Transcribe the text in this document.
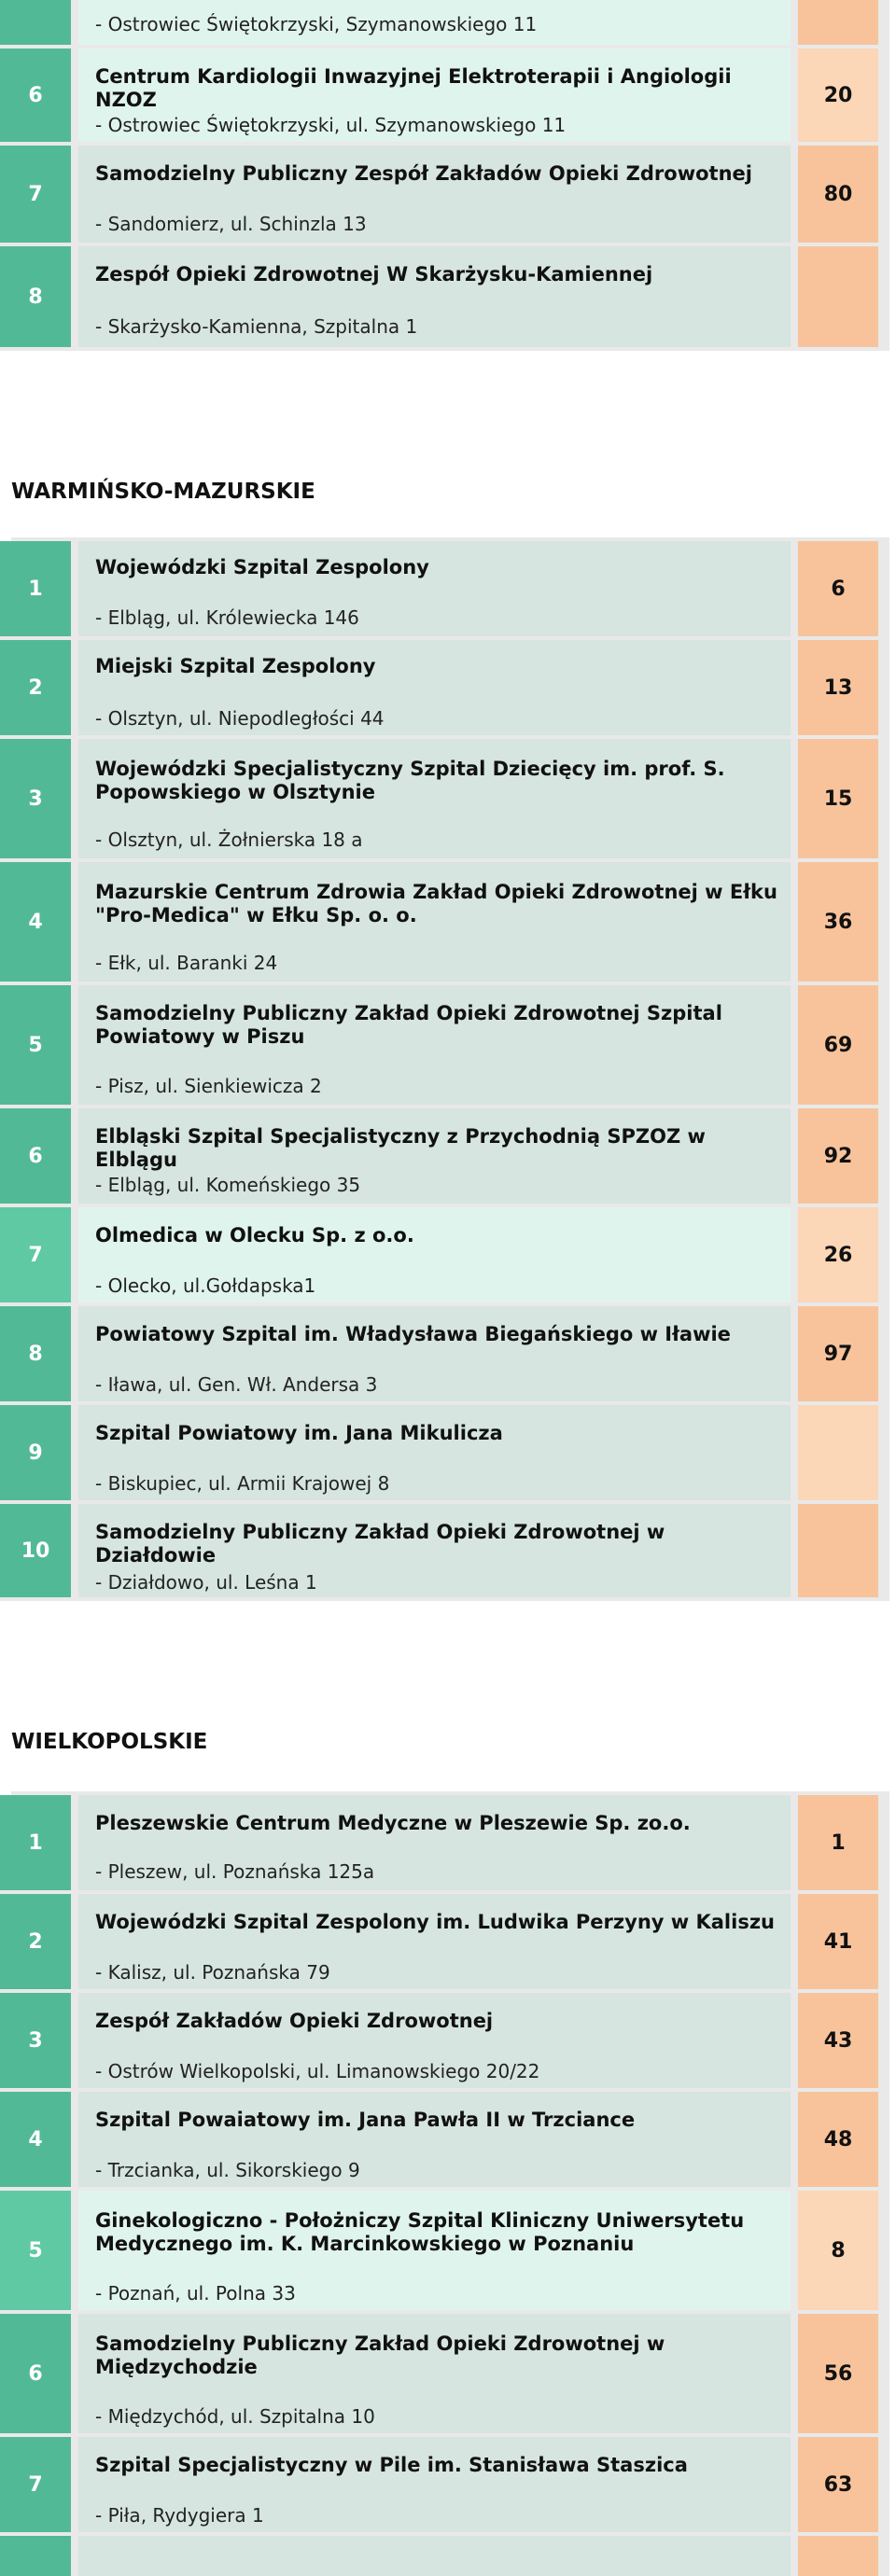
- Ostrowiec Świętokrzyski, Szymanowskiego 11
6
Centrum Kardiologii Inwazyjnej Elektroterapii i Angiologii NZOZ
- Ostrowiec Świętokrzyski, ul. Szymanowskiego 11
20
7
Samodzielny Publiczny Zespół Zakładów Opieki Zdrowotnej
- Sandomierz, ul. Schinzla 13
80
8
Zespół Opieki Zdrowotnej W Skarżysku-Kamiennej
- Skarżysko-Kamienna, Szpitalna 1
WARMIŃSKO-MAZURSKIE
1
Wojewódzki Szpital Zespolony
- Elbląg, ul. Królewiecka 146
6
2
Miejski Szpital Zespolony
- Olsztyn, ul. Niepodległości 44
13
3
Wojewódzki Specjalistyczny Szpital Dziecięcy im. prof. S. Popowskiego w Olsztynie
- Olsztyn, ul. Żołnierska 18 a
15
4
Mazurskie Centrum Zdrowia Zakład Opieki Zdrowotnej w Ełku "Pro-Medica" w Ełku Sp. o. o.
- Ełk, ul. Baranki 24
36
5
Samodzielny Publiczny Zakład Opieki Zdrowotnej Szpital Powiatowy w Piszu
- Pisz, ul. Sienkiewicza 2
69
6
Elbląski Szpital Specjalistyczny z Przychodnią SPZOZ w Elblągu
- Elbląg, ul. Komeńskiego 35
92
7
Olmedica w Olecku Sp. z o.o.
- Olecko, ul.Gołdapska1
26
8
Powiatowy Szpital im. Władysława Biegańskiego w Iławie
- Iława, ul. Gen. Wł. Andersa 3
97
9
Szpital Powiatowy im. Jana Mikulicza
- Biskupiec, ul. Armii Krajowej 8
10
Samodzielny Publiczny Zakład Opieki Zdrowotnej w Działdowie
- Działdowo, ul. Leśna 1
WIELKOPOLSKIE
1
Pleszewskie Centrum Medyczne w Pleszewie Sp. zo.o.
- Pleszew, ul. Poznańska 125a
1
2
Wojewódzki Szpital Zespolony im. Ludwika Perzyny w Kaliszu
- Kalisz, ul. Poznańska 79
41
3
Zespół Zakładów Opieki Zdrowotnej
- Ostrów Wielkopolski, ul. Limanowskiego 20/22
43
4
Szpital Powaiatowy im. Jana Pawła II w Trzciance
- Trzcianka, ul. Sikorskiego 9
48
5
Ginekologiczno - Położniczy Szpital Kliniczny Uniwersytetu Medycznego im. K. Marcinkowskiego w Poznaniu
- Poznań, ul. Polna 33
8
6
Samodzielny Publiczny Zakład Opieki Zdrowotnej w Międzychodzie
- Międzychód, ul. Szpitalna 10
56
7
Szpital Specjalistyczny w Pile im. Stanisława Staszica
- Piła, Rydygiera 1
63
